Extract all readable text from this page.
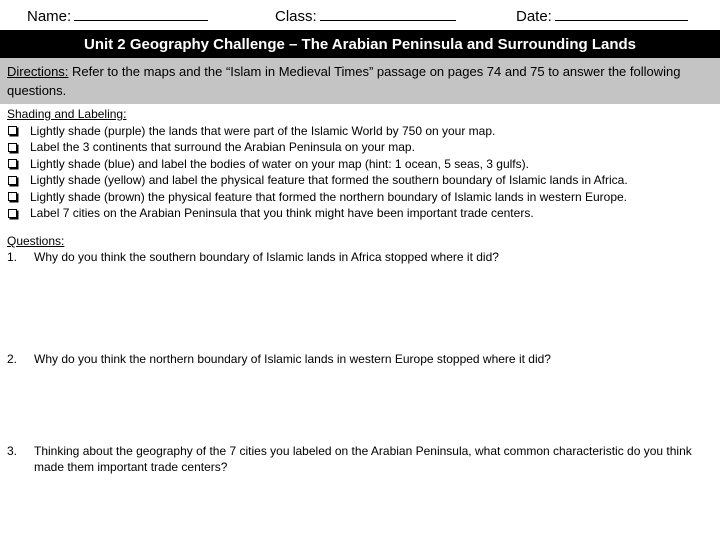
Name:	Class:	Date:
Unit 2 Geography Challenge – The Arabian Peninsula and Surrounding Lands
Directions: Refer to the maps and the “Islam in Medieval Times” passage on pages 74 and 75 to answer the following questions.
Shading and Labeling:
Lightly shade (purple) the lands that were part of the Islamic World by 750 on your map.
Label the 3 continents that surround the Arabian Peninsula on your map.
Lightly shade (blue) and label the bodies of water on your map (hint: 1 ocean, 5 seas, 3 gulfs).
Lightly shade (yellow) and label the physical feature that formed the southern boundary of Islamic lands in Africa.
Lightly shade (brown) the physical feature that formed the northern boundary of Islamic lands in western Europe.
Label 7 cities on the Arabian Peninsula that you think might have been important trade centers.
Questions:
1.	Why do you think the southern boundary of Islamic lands in Africa stopped where it did?
2.	Why do you think the northern boundary of Islamic lands in western Europe stopped where it did?
3.	Thinking about the geography of the 7 cities you labeled on the Arabian Peninsula, what common characteristic do you think made them important trade centers?
